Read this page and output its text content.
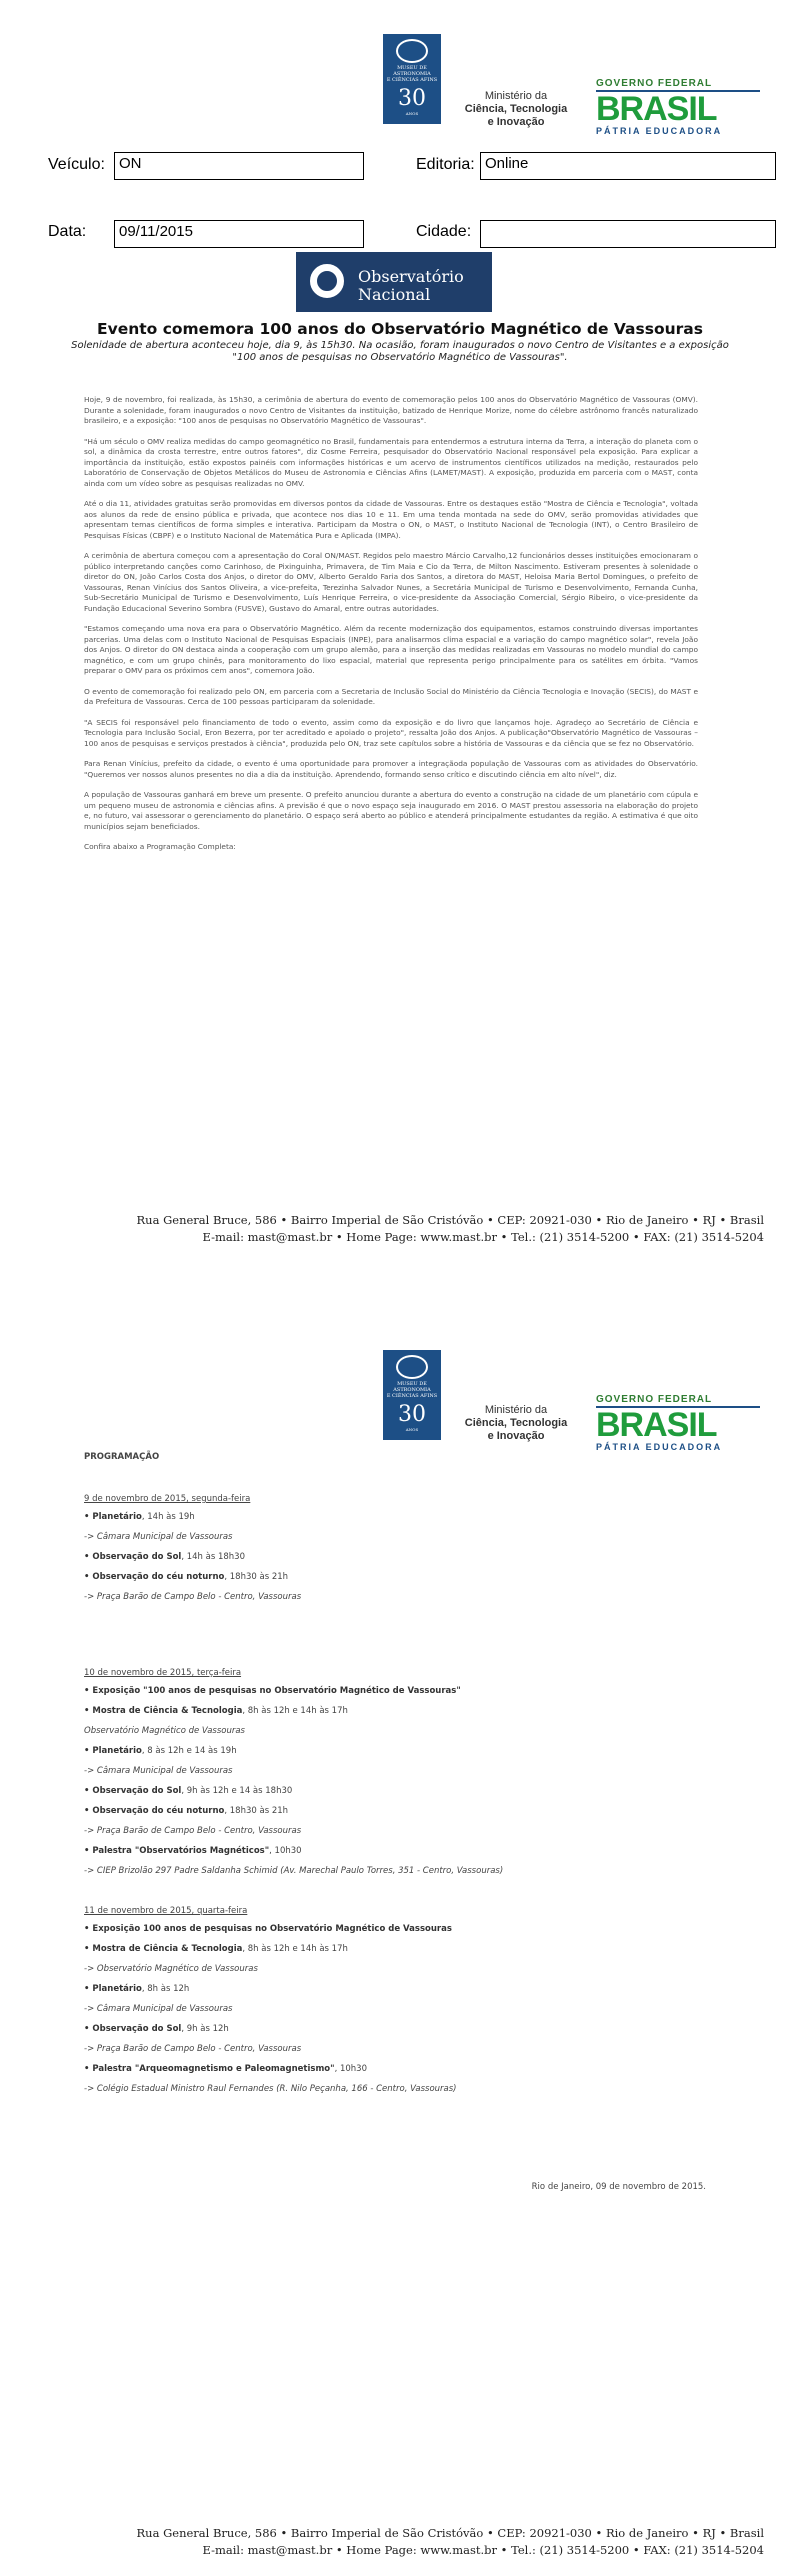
MUSEU DE
ASTRONOMIA
E CIÊNCIAS AFINS
30
ANOS
Ministério da
Ciência, Tecnologia
e Inovação
GOVERNO FEDERAL
BRASIL
PÁTRIA EDUCADORA
Veículo: ON	Editoria: Online
Data:	09/11/2015	Cidade:
Observatório
Nacional
Evento comemora 100 anos do Observatório Magnético de Vassouras
Solenidade de abertura aconteceu hoje, dia 9, às 15h30. Na ocasião, foram inaugurados o novo Centro de Visitantes e a exposição
"100 anos de pesquisas no Observatório Magnético de Vassouras".

Hoje, 9 de novembro, foi realizada, às 15h30, a cerimônia de abertura do evento de comemoração pelos 100 anos do Observatório Magnético de Vassouras (OMV). Durante a solenidade, foram inaugurados o novo Centro de Visitantes da instituição, batizado de Henrique Morize, nome do célebre astrônomo francês naturalizado brasileiro, e a exposição: "100 anos de pesquisas no Observatório Magnético de Vassouras".

"Há um século o OMV realiza medidas do campo geomagnético no Brasil, fundamentais para entendermos a estrutura interna da Terra, a interação do planeta com o sol, a dinâmica da crosta terrestre, entre outros fatores", diz Cosme Ferreira, pesquisador do Observatório Nacional responsável pela exposição. Para explicar a importância da instituição, estão expostos painéis com informações históricas e um acervo de instrumentos científicos utilizados na medição, restaurados pelo Laboratório de Conservação de Objetos Metálicos do Museu de Astronomia e Ciências Afins (LAMET/MAST). A exposição, produzida em parceria com o MAST, conta ainda com um vídeo sobre as pesquisas realizadas no OMV.

Até o dia 11, atividades gratuitas serão promovidas em diversos pontos da cidade de Vassouras. Entre os destaques estão "Mostra de Ciência e Tecnologia", voltada aos alunos da rede de ensino pública e privada, que acontece nos dias 10 e 11. Em uma tenda montada na sede do OMV, serão promovidas atividades que apresentam temas científicos de forma simples e interativa. Participam da Mostra o ON, o MAST, o Instituto Nacional de Tecnologia (INT), o Centro Brasileiro de Pesquisas Físicas (CBPF) e o Instituto Nacional de Matemática Pura e Aplicada (IMPA).

A cerimônia de abertura começou com a apresentação do Coral ON/MAST. Regidos pelo maestro Márcio Carvalho,12 funcionários desses instituições emocionaram o público interpretando canções como Carinhoso, de Pixinguinha, Primavera, de Tim Maia e Cio da Terra, de Milton Nascimento. Estiveram presentes à solenidade o diretor do ON, João Carlos Costa dos Anjos, o diretor do OMV, Alberto Geraldo Faria dos Santos, a diretora do MAST, Heloisa Maria Bertol Domingues, o prefeito de Vassouras, Renan Vinícius dos Santos Oliveira, a vice-prefeita, Terezinha Salvador Nunes, a Secretária Municipal de Turismo e Desenvolvimento, Fernanda Cunha, Sub-Secretário Municipal de Turismo e Desenvolvimento, Luís Henrique Ferreira, o vice-presidente da Associação Comercial, Sérgio Ribeiro, o vice-presidente da Fundação Educacional Severino Sombra (FUSVE), Gustavo do Amaral, entre outras autoridades.

"Estamos começando uma nova era para o Observatório Magnético. Além da recente modernização dos equipamentos, estamos construindo diversas importantes parcerias. Uma delas com o Instituto Nacional de Pesquisas Espaciais (INPE), para analisarmos clima espacial e a variação do campo magnético solar", revela João dos Anjos. O diretor do ON destaca ainda a cooperação com um grupo alemão, para a inserção das medidas realizadas em Vassouras no modelo mundial do campo magnético, e com um grupo chinês, para monitoramento do lixo espacial, material que representa perigo principalmente para os satélites em órbita. "Vamos preparar o OMV para os próximos cem anos", comemora João.

O evento de comemoração foi realizado pelo ON, em parceria com a Secretaria de Inclusão Social do Ministério da Ciência Tecnologia e Inovação (SECIS), do MAST e da Prefeitura de Vassouras. Cerca de 100 pessoas participaram da solenidade.

"A SECIS foi responsável pelo financiamento de todo o evento, assim como da exposição e do livro que lançamos hoje. Agradeço ao Secretário de Ciência e Tecnologia para Inclusão Social, Eron Bezerra, por ter acreditado e apoiado o projeto", ressalta João dos Anjos. A publicação"Observatório Magnético de Vassouras – 100 anos de pesquisas e serviços prestados à ciência", produzida pelo ON, traz sete capítulos sobre a história de Vassouras e da ciência que se fez no Observatório.

Para Renan Vinícius, prefeito da cidade, o evento é uma oportunidade para promover a integraçãoda população de Vassouras com as atividades do Observatório. "Queremos ver nossos alunos presentes no dia a dia da instituição. Aprendendo, formando senso crítico e discutindo ciência em alto nível", diz.

A população de Vassouras ganhará em breve um presente. O prefeito anunciou durante a abertura do evento a construção na cidade de um planetário com cúpula e um pequeno museu de astronomia e ciências afins. A previsão é que o novo espaço seja inaugurado em 2016. O MAST prestou assessoria na elaboração do projeto e, no futuro, vai assessorar o gerenciamento do planetário. O espaço será aberto ao público e atenderá principalmente estudantes da região. A estimativa é que oito municípios sejam beneficiados.

Confira abaixo a Programação Completa:

Rua General Bruce, 586 • Bairro Imperial de São Cristóvão • CEP: 20921-030 • Rio de Janeiro • RJ • Brasil
E-mail: mast@mast.br • Home Page: www.mast.br • Tel.: (21) 3514-5200 • FAX: (21) 3514-5204
MUSEU DE
ASTRONOMIA
E CIÊNCIAS AFINS
30
ANOS
Ministério da
Ciência, Tecnologia
e Inovação
GOVERNO FEDERAL
BRASIL
PÁTRIA EDUCADORA
PROGRAMAÇÃO
9 de novembro de 2015, segunda-feira
• Planetário, 14h às 19h
-> Câmara Municipal de Vassouras
• Observação do Sol, 14h às 18h30
• Observação do céu noturno, 18h30 às 21h
-> Praça Barão de Campo Belo - Centro, Vassouras
10 de novembro de 2015, terça-feira
• Exposição "100 anos de pesquisas no Observatório Magnético de Vassouras"
• Mostra de Ciência & Tecnologia, 8h às 12h e 14h às 17h
Observatório Magnético de Vassouras
• Planetário, 8 às 12h e 14 às 19h
-> Câmara Municipal de Vassouras
• Observação do Sol, 9h às 12h e 14 às 18h30
• Observação do céu noturno, 18h30 às 21h
-> Praça Barão de Campo Belo - Centro, Vassouras
• Palestra "Observatórios Magnéticos", 10h30
-> CIEP Brizolão 297 Padre Saldanha Schimid (Av. Marechal Paulo Torres, 351 - Centro, Vassouras)
11 de novembro de 2015, quarta-feira
• Exposição 100 anos de pesquisas no Observatório Magnético de Vassouras
• Mostra de Ciência & Tecnologia, 8h às 12h e 14h às 17h
-> Observatório Magnético de Vassouras
• Planetário, 8h às 12h
-> Câmara Municipal de Vassouras
• Observação do Sol, 9h às 12h
-> Praça Barão de Campo Belo - Centro, Vassouras
• Palestra "Arqueomagnetismo e Paleomagnetismo", 10h30
-> Colégio Estadual Ministro Raul Fernandes (R. Nilo Peçanha, 166 - Centro, Vassouras)
Rio de Janeiro, 09 de novembro de 2015.
Rua General Bruce, 586 • Bairro Imperial de São Cristóvão • CEP: 20921-030 • Rio de Janeiro • RJ • Brasil
E-mail: mast@mast.br • Home Page: www.mast.br • Tel.: (21) 3514-5200 • FAX: (21) 3514-5204
